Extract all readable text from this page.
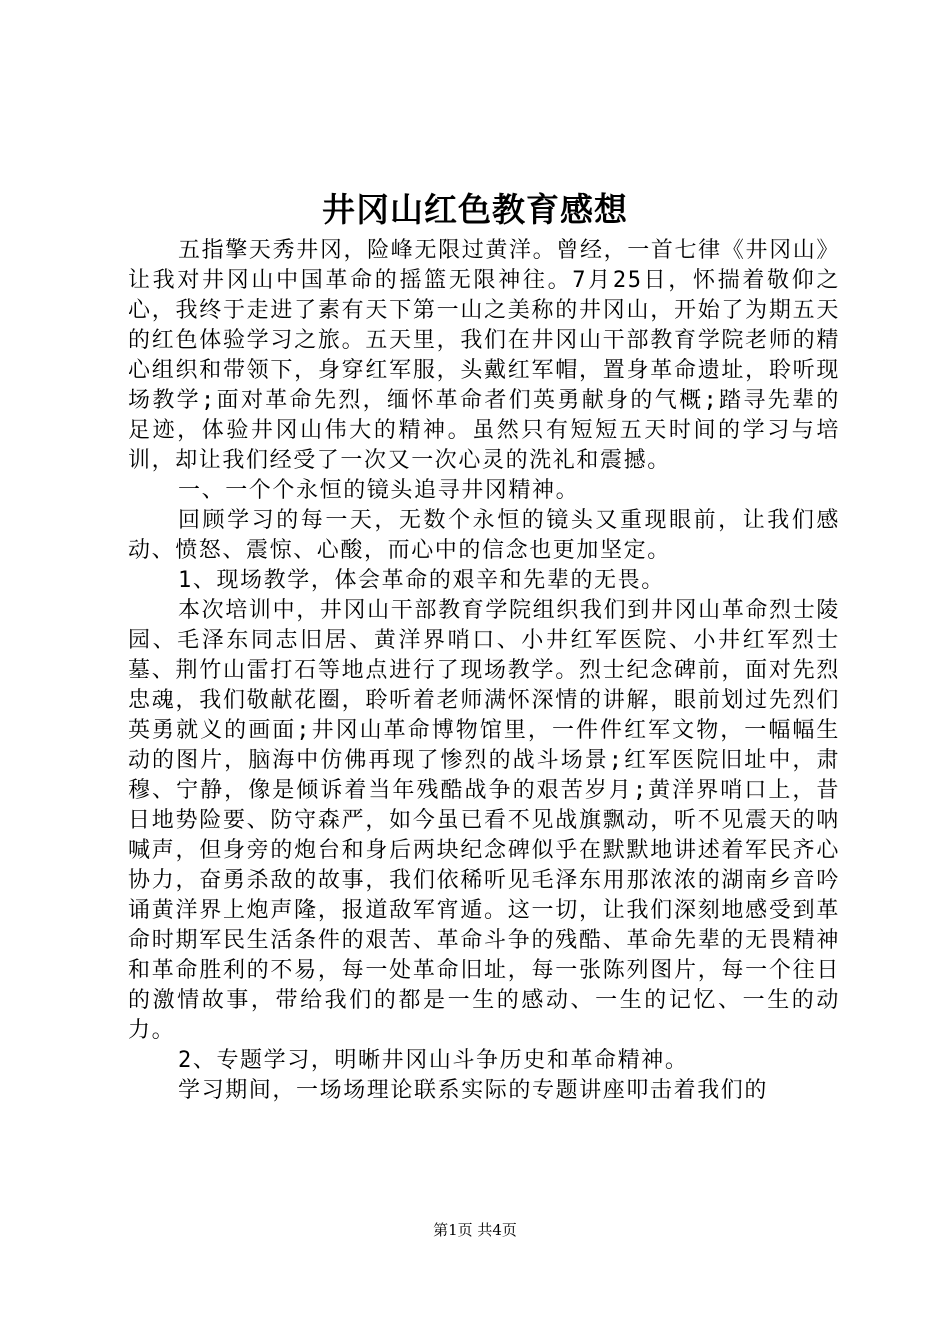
井冈山红色教育感想

五指擎天秀井冈，险峰无限过黄洋。曾经，一首七律《井冈山》让我对井冈山中国革命的摇篮无限神往。7月25日，怀揣着敬仰之心，我终于走进了素有天下第一山之美称的井冈山，开始了为期五天的红色体验学习之旅。五天里，我们在井冈山干部教育学院老师的精心组织和带领下，身穿红军服，头戴红军帽，置身革命遗址，聆听现场教学;面对革命先烈，缅怀革命者们英勇献身的气概;踏寻先辈的足迹，体验井冈山伟大的精神。虽然只有短短五天时间的学习与培训，却让我们经受了一次又一次心灵的洗礼和震撼。

一、一个个永恒的镜头追寻井冈精神。

回顾学习的每一天，无数个永恒的镜头又重现眼前，让我们感动、愤怒、震惊、心酸，而心中的信念也更加坚定。

1、现场教学，体会革命的艰辛和先辈的无畏。

本次培训中，井冈山干部教育学院组织我们到井冈山革命烈士陵园、毛泽东同志旧居、黄洋界哨口、小井红军医院、小井红军烈士墓、荆竹山雷打石等地点进行了现场教学。烈士纪念碑前，面对先烈忠魂，我们敬献花圈，聆听着老师满怀深情的讲解，眼前划过先烈们英勇就义的画面;井冈山革命博物馆里，一件件红军文物，一幅幅生动的图片，脑海中仿佛再现了惨烈的战斗场景;红军医院旧址中，肃穆、宁静，像是倾诉着当年残酷战争的艰苦岁月;黄洋界哨口上，昔日地势险要、防守森严，如今虽已看不见战旗飘动，听不见震天的呐喊声，但身旁的炮台和身后两块纪念碑似乎在默默地讲述着军民齐心协力，奋勇杀敌的故事，我们依稀听见毛泽东用那浓浓的湖南乡音吟诵黄洋界上炮声隆，报道敌军宵遁。这一切，让我们深刻地感受到革命时期军民生活条件的艰苦、革命斗争的残酷、革命先辈的无畏精神和革命胜利的不易，每一处革命旧址，每一张陈列图片，每一个往日的激情故事，带给我们的都是一生的感动、一生的记忆、一生的动力。

2、专题学习，明晰井冈山斗争历史和革命精神。

学习期间，一场场理论联系实际的专题讲座叩击着我们的

第1页 共4页
